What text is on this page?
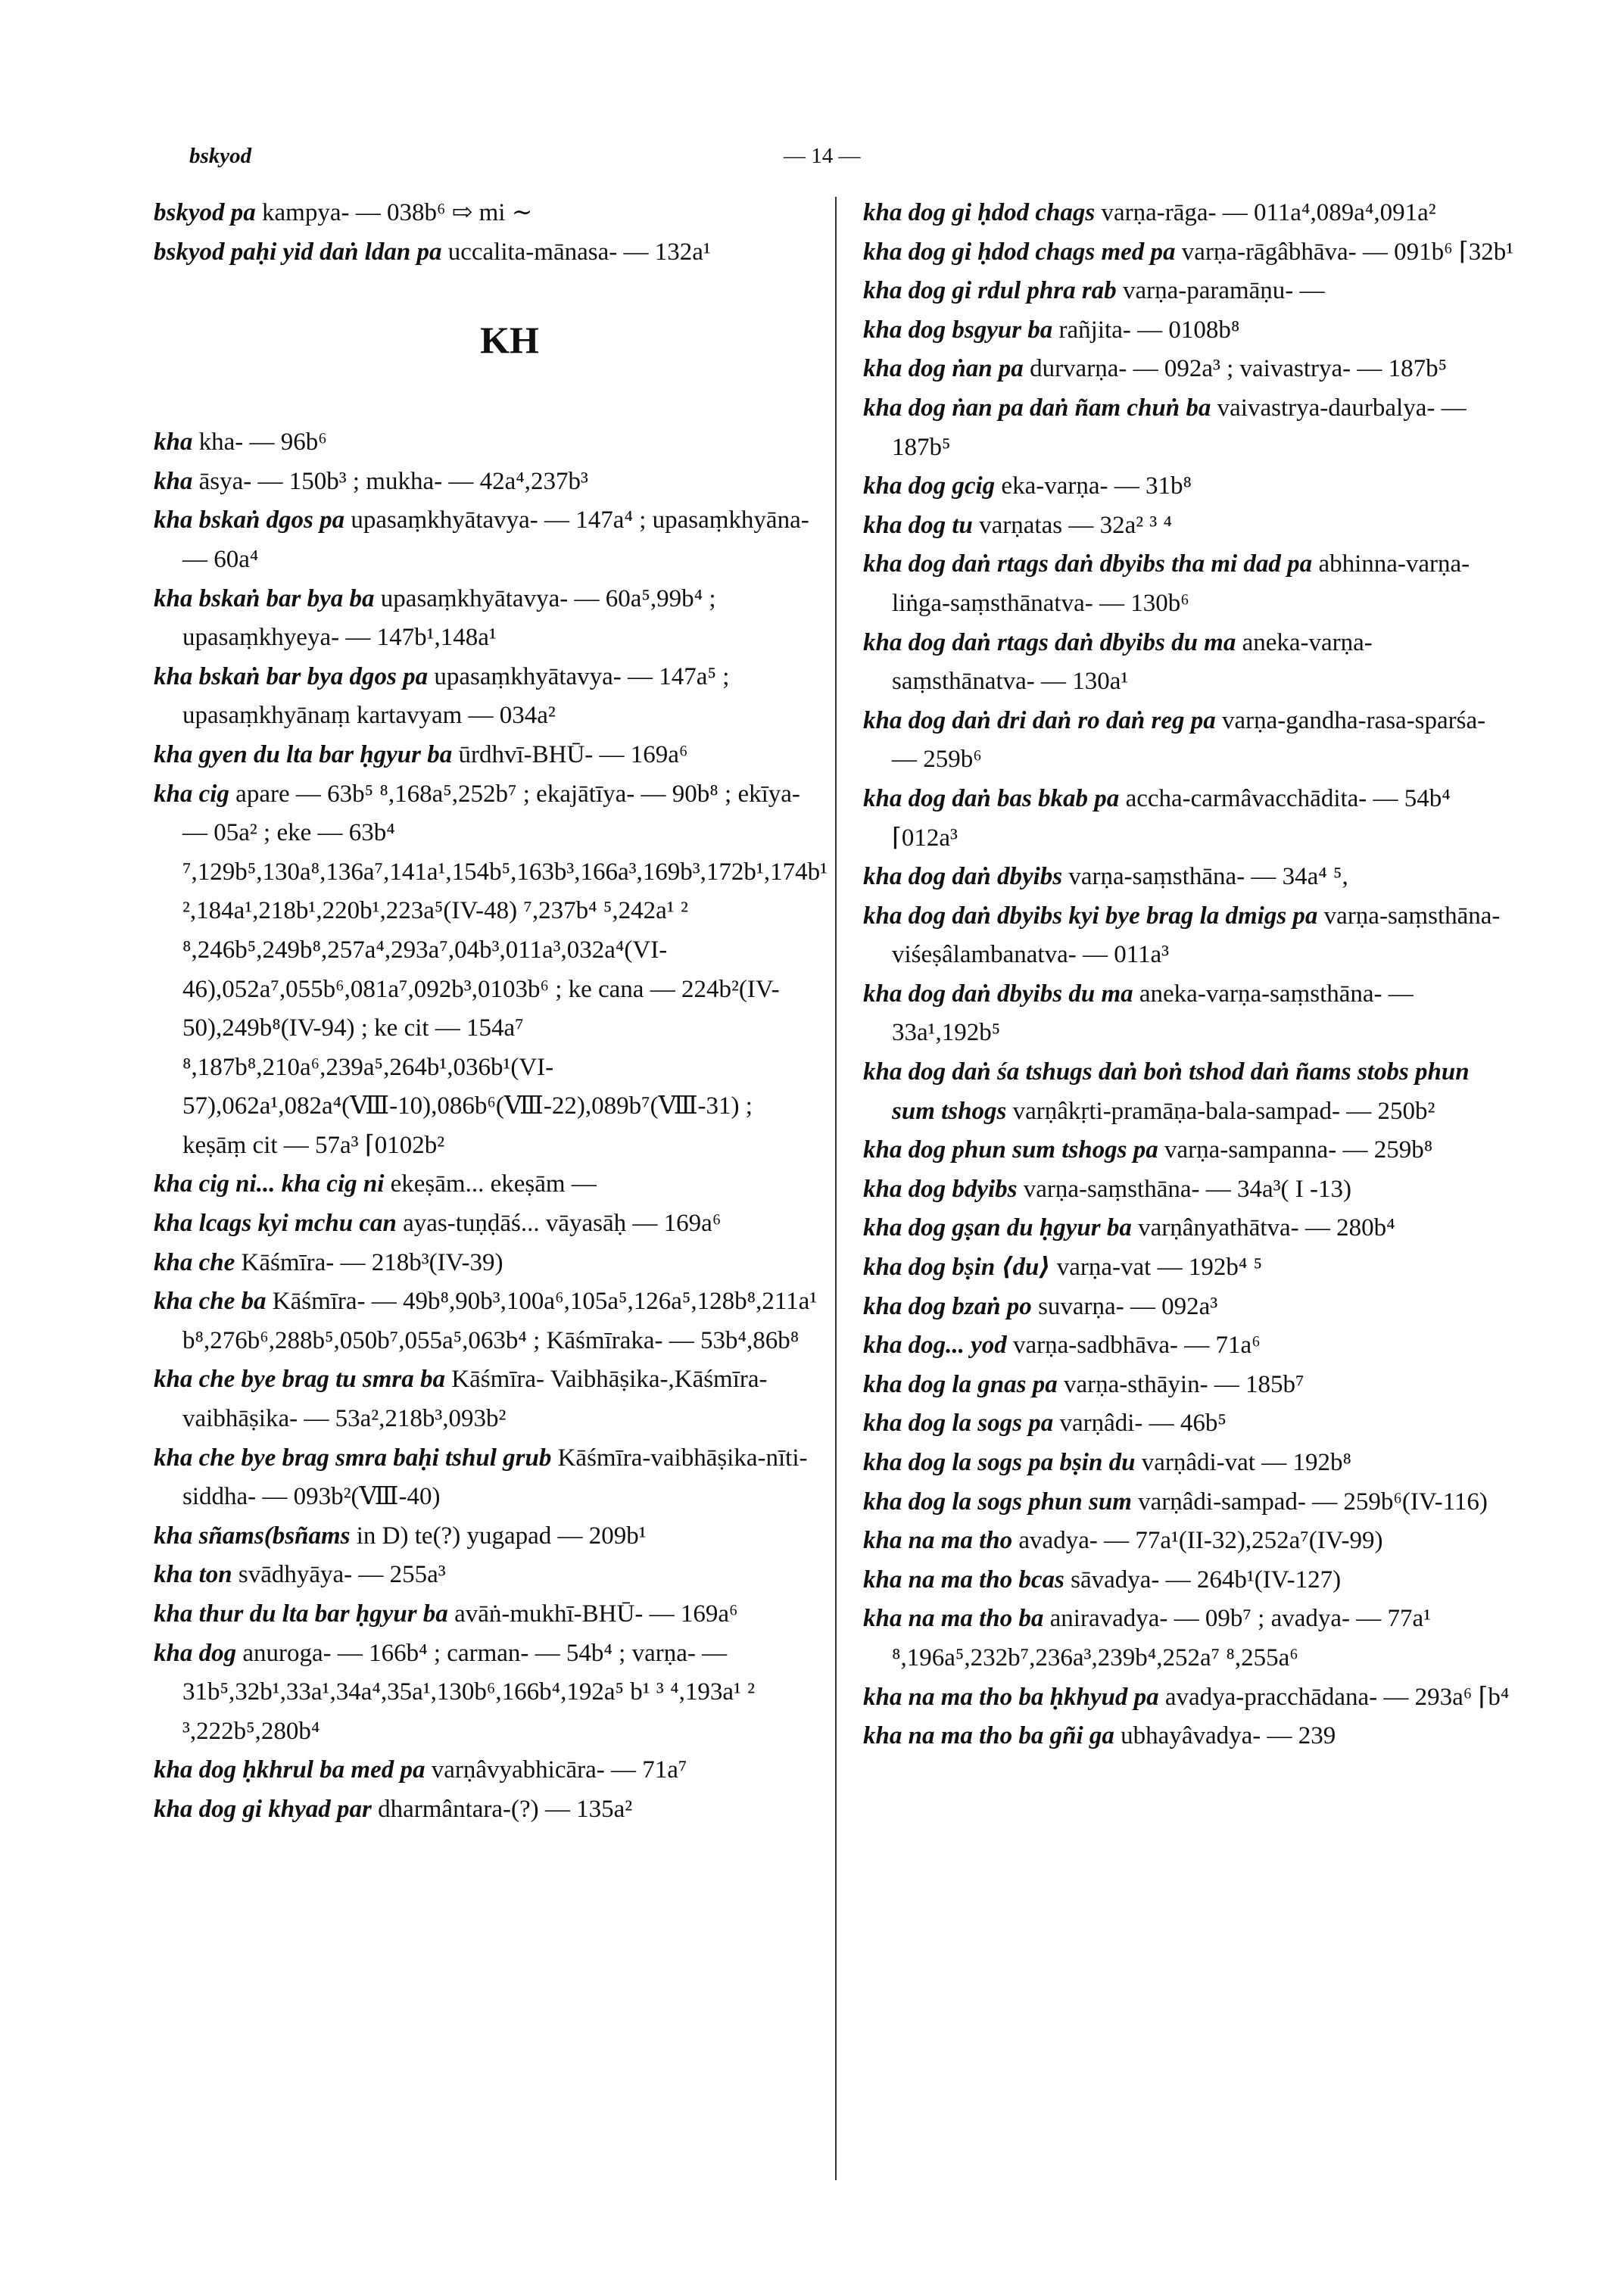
bskyod	— 14 —

bskyod pa kampya- — 038b⁶ ⇨ mi ∼

bskyod paḥi yid daṅ ldan pa uccalita-mānasa- — 132a¹

KH

kha kha- — 96b⁶

kha āsya- — 150b³ ; mukha- — 42a⁴,237b³

kha bskaṅ dgos pa upasaṃkhyātavya- — 147a⁴ ; upasaṃkhyāna- — 60a⁴

kha bskaṅ bar bya ba upasaṃkhyātavya- — 60a⁵,99b⁴ ; upasaṃkhyeya- — 147b¹,148a¹

kha bskaṅ bar bya dgos pa upasaṃkhyātavya- — 147a⁵ ; upasaṃkhyānaṃ kartavyam — 034a²

kha gyen du lta bar ḥgyur ba ūrdhvī-BHŪ- — 169a⁶

kha cig apare — 63b⁵ ⁸,168a⁵,252b⁷ ; ekajātīya- — 90b⁸ ; ekīya- — 05a² ; eke — 63b⁴ ⁷,129b⁵,130a⁸,136a⁷,141a¹,154b⁵,163b³,166a³,169b³,172b¹,174b¹ ²,184a¹,218b¹,220b¹,223a⁵(IV-48) ⁷,237b⁴ ⁵,242a¹ ² ⁸,246b⁵,249b⁸,257a⁴,293a⁷,04b³,011a³,032a⁴(VI-46),052a⁷,055b⁶,081a⁷,092b³,0103b⁶ ; ke cana — 224b²(IV-50),249b⁸(IV-94) ; ke cit — 154a⁷ ⁸,187b⁸,210a⁶,239a⁵,264b¹,036b¹(VI-57),062a¹,082a⁴(Ⅷ-10),086b⁶(Ⅷ-22),089b⁷(Ⅷ-31) ; keṣāṃ cit — 57a³ ⌈0102b²

kha cig ni... kha cig ni ekeṣām... ekeṣām —

kha lcags kyi mchu can ayas-tuṇḍāś... vāyasāḥ — 169a⁶

kha che Kāśmīra- — 218b³(IV-39)

kha che ba Kāśmīra- — 49b⁸,90b³,100a⁶,105a⁵,126a⁵,128b⁸,211a¹ b⁸,276b⁶,288b⁵,050b⁷,055a⁵,063b⁴ ; Kāśmīraka- — 53b⁴,86b⁸

kha che bye brag tu smra ba Kāśmīra- Vaibhāṣika-,Kāśmīra-vaibhāṣika- — 53a²,218b³,093b²

kha che bye brag smra baḥi tshul grub Kāśmīra-vaibhāṣika-nīti-siddha- — 093b²(Ⅷ-40)

kha sñams(bsñams in D) te(?) yugapad — 209b¹

kha ton svādhyāya- — 255a³

kha thur du lta bar ḥgyur ba avāṅ-mukhī-BHŪ- — 169a⁶

kha dog anuroga- — 166b⁴ ; carman- — 54b⁴ ; varṇa- — 31b⁵,32b¹,33a¹,34a⁴,35a¹,130b⁶,166b⁴,192a⁵ b¹ ³ ⁴,193a¹ ² ³,222b⁵,280b⁴

kha dog ḥkhrul ba med pa varṇâvyabhicāra- — 71a⁷

kha dog gi khyad par dharmântara-(?) — 135a²

kha dog gi ḥdod chags varṇa-rāga- — 011a⁴,089a⁴,091a²

kha dog gi ḥdod chags med pa varṇa-rāgâbhāva- — 091b⁶ ⌈32b¹

kha dog gi rdul phra rab varṇa-paramāṇu- —

kha dog bsgyur ba rañjita- — 0108b⁸

kha dog ṅan pa durvarṇa- — 092a³ ; vaivastrya- — 187b⁵

kha dog ṅan pa daṅ ñam chuṅ ba vaivastrya-daurbalya- — 187b⁵

kha dog gcig eka-varṇa- — 31b⁸

kha dog tu varṇatas — 32a² ³ ⁴

kha dog daṅ rtags daṅ dbyibs tha mi dad pa abhinna-varṇa-liṅga-saṃsthānatva- — 130b⁶

kha dog daṅ rtags daṅ dbyibs du ma aneka-varṇa-saṃsthānatva- — 130a¹

kha dog daṅ dri daṅ ro daṅ reg pa varṇa-gandha-rasa-sparśa- — 259b⁶

kha dog daṅ bas bkab pa accha-carmâvacchādita- — 54b⁴ ⌈012a³

kha dog daṅ dbyibs varṇa-saṃsthāna- — 34a⁴ ⁵,

kha dog daṅ dbyibs kyi bye brag la dmigs pa varṇa-saṃsthāna-viśeṣâlambanatva- — 011a³

kha dog daṅ dbyibs du ma aneka-varṇa-saṃsthāna- — 33a¹,192b⁵

kha dog daṅ śa tshugs daṅ boṅ tshod daṅ ñams stobs phun sum tshogs varṇâkṛti-pramāṇa-bala-sampad- — 250b²

kha dog phun sum tshogs pa varṇa-sampanna- — 259b⁸

kha dog bdyibs varṇa-saṃsthāna- — 34a³( I -13)

kha dog gṣan du ḥgyur ba varṇânyathātva- — 280b⁴

kha dog bṣin ⟨du⟩ varṇa-vat — 192b⁴ ⁵

kha dog bzaṅ po suvarṇa- — 092a³

kha dog... yod varṇa-sadbhāva- — 71a⁶

kha dog la gnas pa varṇa-sthāyin- — 185b⁷

kha dog la sogs pa varṇâdi- — 46b⁵

kha dog la sogs pa bṣin du varṇâdi-vat — 192b⁸

kha dog la sogs phun sum varṇâdi-sampad- — 259b⁶(IV-116)

kha na ma tho avadya- — 77a¹(II-32),252a⁷(IV-99)

kha na ma tho bcas sāvadya- — 264b¹(IV-127)

kha na ma tho ba aniravadya- — 09b⁷ ; avadya- — 77a¹ ⁸,196a⁵,232b⁷,236a³,239b⁴,252a⁷ ⁸,255a⁶

kha na ma tho ba ḥkhyud pa avadya-pracchādana- — 293a⁶ ⌈b⁴

kha na ma tho ba gñi ga ubhayâvadya- — 239
